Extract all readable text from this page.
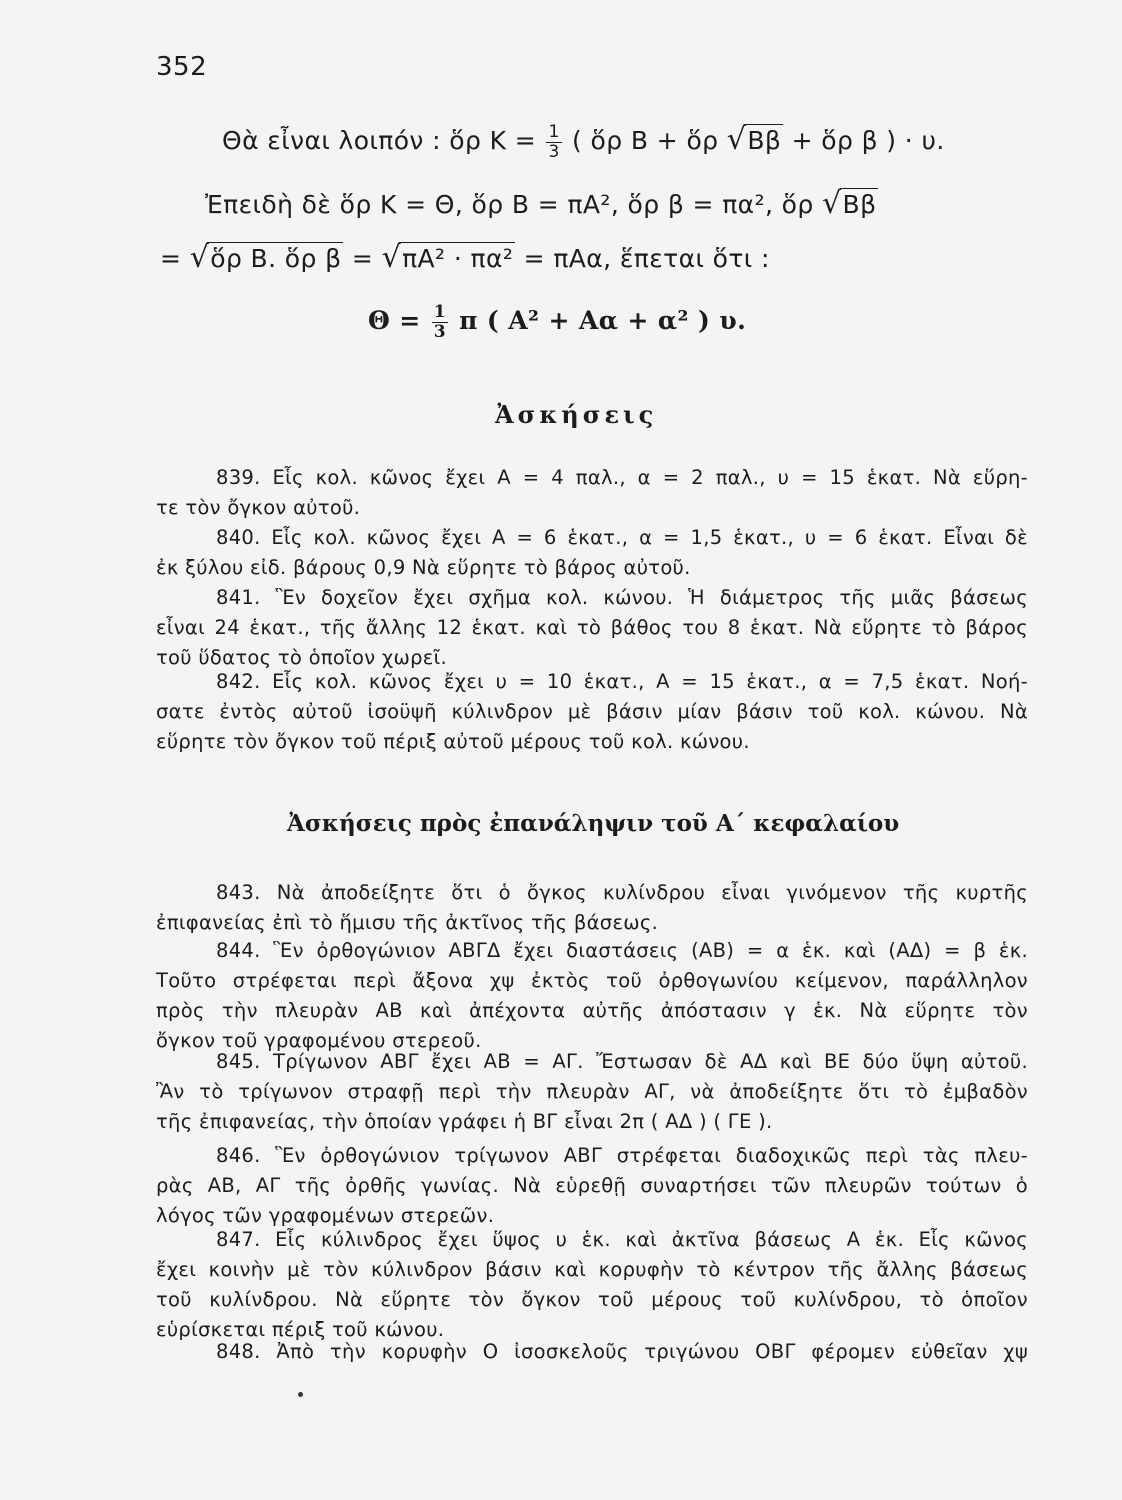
352
Θὰ εἶναι λοιπόν : ὅρ $K = \frac{1}{3}$ ( ὅρ Β + ὅρ √Ββ + ὅρ β ) · υ.
Ἐπειδὴ δὲ ὅρ Κ = Θ, ὅρ Β = πΑ², ὅρ β = πα², ὅρ √Ββ
= √ὅρ Β. ὅρ β = √πΑ² · πα² = πΑα, ἕπεται ὅτι :
$\Theta = \frac{1}{3}$ π ( Α² + Αα + α² ) υ.
Ἀσκήσεις
839. Εἷς κολ. κῶνος ἔχει Α = 4 παλ., α = 2 παλ., υ = 15 ἑκατ. Νὰ εὕρη-
τε τὸν ὄγκον αὐτοῦ.
840. Εἷς κολ. κῶνος ἔχει Α = 6 ἑκατ., α = 1,5 ἑκατ., υ = 6 ἑκατ. Εἶναι δὲ
ἐκ ξύλου εἰδ. βάρους 0,9 Νὰ εὕρητε τὸ βάρος αὐτοῦ.
841. Ἓν δοχεῖον ἔχει σχῆμα κολ. κώνου. Ἡ διάμετρος τῆς μιᾶς βάσεως
εἶναι 24 ἑκατ., τῆς ἄλλης 12 ἑκατ. καὶ τὸ βάθος του 8 ἑκατ. Νὰ εὕρητε τὸ βάρος
τοῦ ὕδατος τὸ ὁποῖον χωρεῖ.
842. Εἷς κολ. κῶνος ἔχει υ = 10 ἑκατ., Α = 15 ἑκατ., α = 7,5 ἑκατ. Νοή-
σατε ἐντὸς αὐτοῦ ἰσοϋψῆ κύλινδρον μὲ βάσιν μίαν βάσιν τοῦ κολ. κώνου. Νὰ
εὕρητε τὸν ὄγκον τοῦ πέριξ αὐτοῦ μέρους τοῦ κολ. κώνου.
Ἀσκήσεις πρὸς ἐπανάληψιν τοῦ Α΄ κεφαλαίου
843. Νὰ ἀποδείξητε ὅτι ὁ ὄγκος κυλίνδρου εἶναι γινόμενον τῆς κυρτῆς
ἐπιφανείας ἐπὶ τὸ ἥμισυ τῆς ἀκτῖνος τῆς βάσεως.
844. Ἓν ὀρθογώνιον ΑΒΓΔ ἔχει διαστάσεις (ΑΒ) = α ἑκ. καὶ (ΑΔ) = β ἑκ.
Τοῦτο στρέφεται περὶ ἄξονα χψ ἐκτὸς τοῦ ὀρθογωνίου κείμενον, παράλληλον
πρὸς τὴν πλευρὰν ΑΒ καὶ ἀπέχοντα αὐτῆς ἀπόστασιν γ ἑκ. Νὰ εὕρητε τὸν
ὄγκον τοῦ γραφομένου στερεοῦ.
845. Τρίγωνον ΑΒΓ ἔχει ΑΒ = ΑΓ. Ἔστωσαν δὲ ΑΔ καὶ ΒΕ δύο ὕψη αὐτοῦ.
Ἂν τὸ τρίγωνον στραφῇ περὶ τὴν πλευρὰν ΑΓ, νὰ ἀποδείξητε ὅτι τὸ ἐμβαδὸν
τῆς ἐπιφανείας, τὴν ὁποίαν γράφει ἡ ΒΓ εἶναι 2π ( ΑΔ ) ( ΓΕ ).
846. Ἓν ὀρθογώνιον τρίγωνον ΑΒΓ στρέφεται διαδοχικῶς περὶ τὰς πλευ-
ρὰς ΑΒ, ΑΓ τῆς ὀρθῆς γωνίας. Νὰ εὑρεθῇ συναρτήσει τῶν πλευρῶν τούτων ὁ
λόγος τῶν γραφομένων στερεῶν.
847. Εἷς κύλινδρος ἔχει ὕψος υ ἑκ. καὶ ἀκτῖνα βάσεως Α ἑκ. Εἷς κῶνος
ἔχει κοινὴν μὲ τὸν κύλινδρον βάσιν καὶ κορυφὴν τὸ κέντρον τῆς ἄλλης βάσεως
τοῦ κυλίνδρου. Νὰ εὕρητε τὸν ὄγκον τοῦ μέρους τοῦ κυλίνδρου, τὸ ὁποῖον
εὑρίσκεται πέριξ τοῦ κώνου.
848. Ἀπὸ τὴν κορυφὴν Ο ἰσοσκελοῦς τριγώνου ΟΒΓ φέρομεν εὐθεῖαν χψ
